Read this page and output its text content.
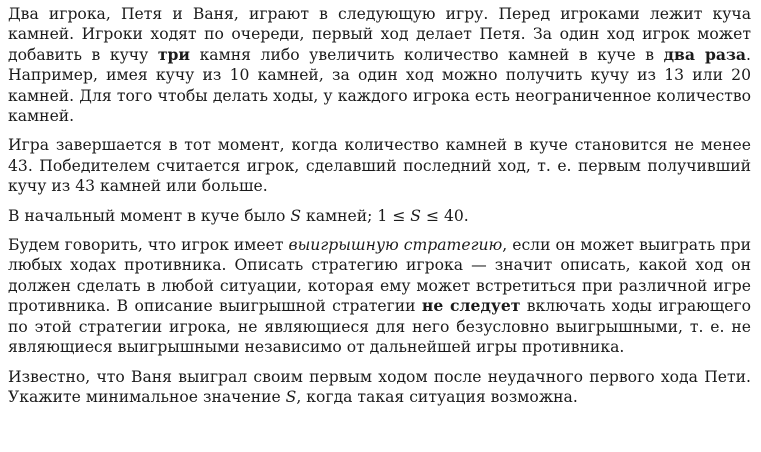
Два игрока, Петя и Ваня, играют в следующую игру. Перед игроками лежит куча камней. Игроки ходят по очереди, первый ход делает Петя. За один ход игрок может добавить в кучу три камня либо увеличить количество камней в куче в два раза. Например, имея кучу из 10 камней, за один ход можно получить кучу из 13 или 20 камней. Для того чтобы делать ходы, у каждого игрока есть неограниченное количество камней.

Игра завершается в тот момент, когда количество камней в куче становится не менее 43. Победителем считается игрок, сделавший последний ход, т. е. первым получивший кучу из 43 камней или больше.

В начальный момент в куче было S камней; 1 ≤ S ≤ 40.

Будем говорить, что игрок имеет выигрышную стратегию, если он может выиграть при любых ходах противника. Описать стратегию игрока — значит описать, какой ход он должен сделать в любой ситуации, которая ему может встретиться при различной игре противника. В описание выигрышной стратегии не следует включать ходы играющего по этой стратегии игрока, не являющиеся для него безусловно выигрышными, т. е. не являющиеся выигрышными независимо от дальнейшей игры противника.

Известно, что Ваня выиграл своим первым ходом после неудачного первого хода Пети. Укажите минимальное значение S, когда такая ситуация возможна.
